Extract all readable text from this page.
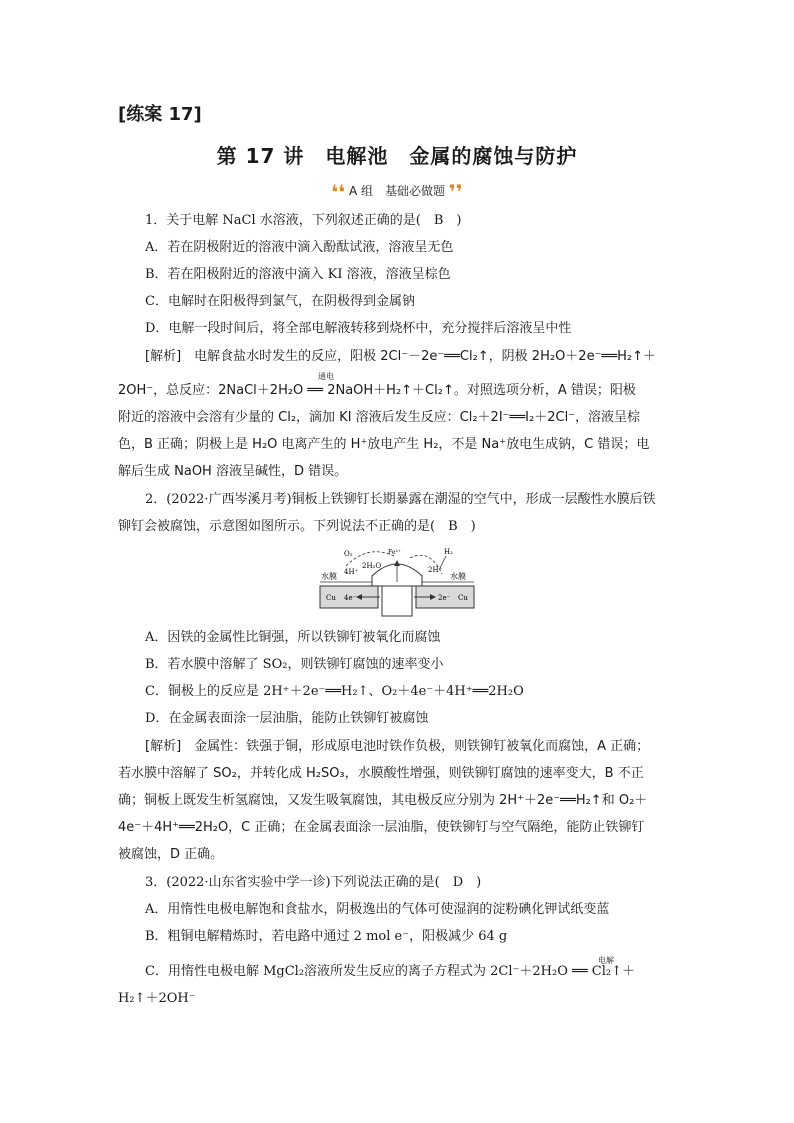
[练案 17]
第 17 讲　电解池　金属的腐蚀与防护
❛❛ A 组　基础必做题 ❜❜
1．关于电解 NaCl 水溶液，下列叙述正确的是(　B　)
A．若在阴极附近的溶液中滴入酚酞试液，溶液呈无色
B．若在阳极附近的溶液中滴入 KI 溶液，溶液呈棕色
C．电解时在阳极得到氯气，在阴极得到金属钠
D．电解一段时间后，将全部电解液转移到烧杯中，充分搅拌后溶液呈中性
[解析]　电解食盐水时发生的反应，阳极 2Cl⁻－2e⁻══Cl₂↑，阴极 2H₂O＋2e⁻══H₂↑＋
2OH⁻，总反应：2NaCl＋2H₂O ══ 2NaOH＋H₂↑＋Cl₂↑。对照选项分析，A 错误；阳极
通电
附近的溶液中会溶有少量的 Cl₂，滴加 KI 溶液后发生反应：Cl₂＋2I⁻══I₂＋2Cl⁻，溶液呈棕
色，B 正确；阴极上是 H₂O 电离产生的 H⁺放电产生 H₂，不是 Na⁺放电生成钠，C 错误；电
解后生成 NaOH 溶液呈碱性，D 错误。
2．(2022·广西岑溪月考)铜板上铁铆钉长期暴露在潮湿的空气中，形成一层酸性水膜后铁
铆钉会被腐蚀，示意图如图所示。下列说法不正确的是(　B　)
O₂	Fe²⁺
2H₂O
4H⁺	2H⁺
H₂
水膜	水膜
Cu 4e⁻	2e⁻ Cu
A．因铁的金属性比铜强，所以铁铆钉被氧化而腐蚀
B．若水膜中溶解了 SO₂，则铁铆钉腐蚀的速率变小
C．铜极上的反应是 2H⁺＋2e⁻══H₂↑、O₂＋4e⁻＋4H⁺══2H₂O
D．在金属表面涂一层油脂，能防止铁铆钉被腐蚀
[解析]　金属性：铁强于铜，形成原电池时铁作负极，则铁铆钉被氧化而腐蚀，A 正确；
若水膜中溶解了 SO₂，并转化成 H₂SO₃，水膜酸性增强，则铁铆钉腐蚀的速率变大，B 不正
确；铜板上既发生析氢腐蚀，又发生吸氧腐蚀，其电极反应分别为 2H⁺＋2e⁻══H₂↑和 O₂＋
4e⁻＋4H⁺══2H₂O，C 正确；在金属表面涂一层油脂，使铁铆钉与空气隔绝，能防止铁铆钉
被腐蚀，D 正确。
3．(2022·山东省实验中学一诊)下列说法正确的是(　D　)
A．用惰性电极电解饱和食盐水，阴极逸出的气体可使湿润的淀粉碘化钾试纸变蓝
B．粗铜电解精炼时，若电路中通过 2 mol e⁻，阳极减少 64 g
电解
C．用惰性电极电解 MgCl₂溶液所发生反应的离子方程式为 2Cl⁻＋2H₂O ══ Cl₂↑＋
H₂↑＋2OH⁻
